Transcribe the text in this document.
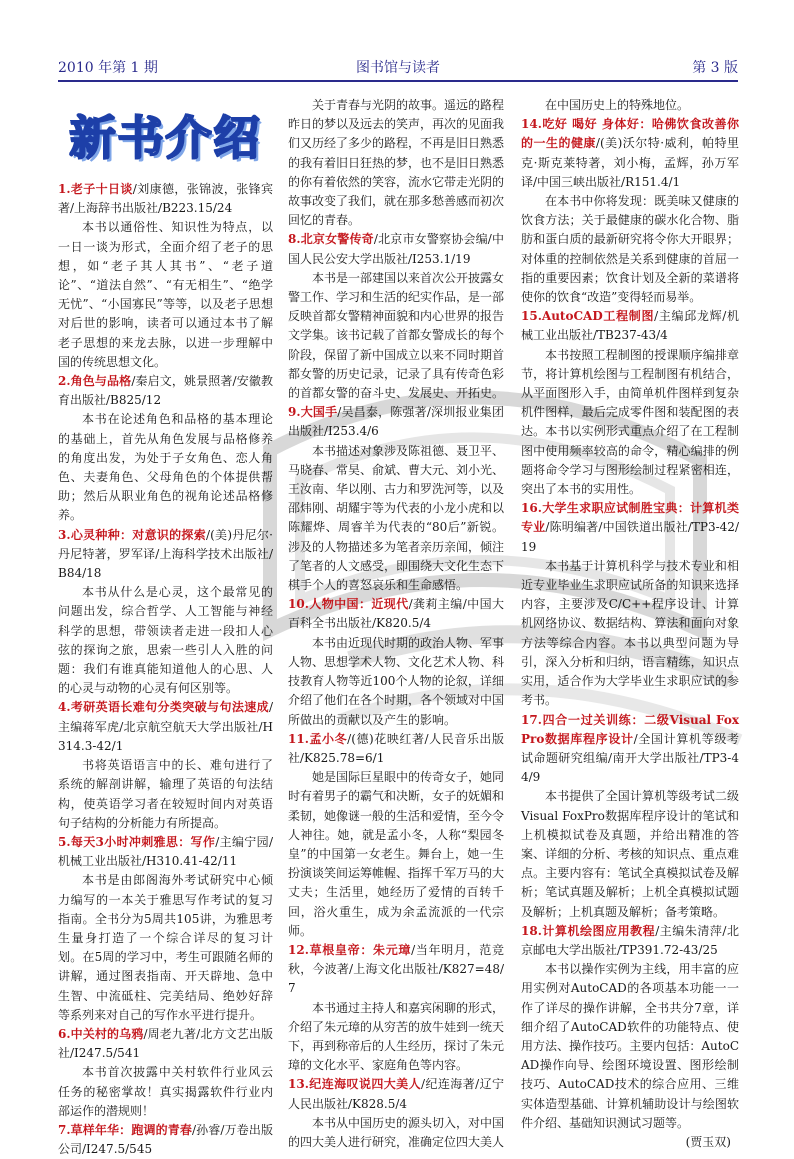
2010 年第 1 期	图书馆与读者	第 3 版
新书介绍

1.老子十日谈/刘康德，张锦波，张锋宾著/上海辞书出版社/B223.15/24

本书以通俗性、知识性为特点，以一日一谈为形式，全面介绍了老子的思想，如“老子其人其书”、“老子道论”、“道法自然”、“有无相生”、“绝学无忧”、“小国寡民”等等，以及老子思想对后世的影响，读者可以通过本书了解老子思想的来龙去脉，以进一步理解中国的传统思想文化。

2.角色与品格/秦启文，姚景照著/安徽教育出版社/B825/12

本书在论述角色和品格的基本理论的基础上，首先从角色发展与品格修养的角度出发，为处于子女角色、恋人角色、夫妻角色、父母角色的个体提供帮助；然后从职业角色的视角论述品格修养。

3.心灵种种：对意识的探索/(美)丹尼尔·丹尼特著，罗军译/上海科学技术出版社/B84/18

本书从什么是心灵，这个最常见的问题出发，综合哲学、人工智能与神经科学的思想，带领读者走进一段扣人心弦的探询之旅，思索一些引人入胜的问题：我们有谁真能知道他人的心思、人的心灵与动物的心灵有何区别等。

4.考研英语长难句分类突破与句法速成/主编蒋军虎/北京航空航天大学出版社/H314.3-42/1

书将英语语言中的长、难句进行了系统的解剖讲解，输理了英语的句法结构，使英语学习者在较短时间内对英语句子结构的分析能力有所提高。

5.每天3小时冲刺雅思：写作/主编宁园/机械工业出版社/H310.41-42/11

本书是由郎阁海外考试研究中心倾力编写的一本关于雅思写作考试的复习指南。全书分为5周共105讲，为雅思考生量身打造了一个综合详尽的复习计划。在5周的学习中，考生可跟随名师的讲解，通过图表指南、开天辟地、急中生智、中流砥柱、完美结局、绝妙好辞等系列来对自己的写作水平进行提升。

6.中关村的乌鸦/周老九著/北方文艺出版社/I247.5/541

本书首次披露中关村软件行业风云任务的秘密掌故！真实揭露软件行业内部运作的潜规则！

7.草样年华：跑调的青春/孙睿/万卷出版公司/I247.5/545

关于青春与光阴的故事。遥远的路程昨日的梦以及远去的笑声，再次的见面我们又历经了多少的路程，不再是旧日熟悉的我有着旧日狂热的梦，也不是旧日熟悉的你有着依然的笑容，流水它带走光阴的故事改变了我们，就在那多愁善感而初次回忆的青春。

8.北京女警传奇/北京市女警察协会编/中国人民公安大学出版社/I253.1/19

本书是一部建国以来首次公开披露女警工作、学习和生活的纪实作品，是一部反映首都女警精神面貌和内心世界的报告文学集。该书记载了首都女警成长的每个阶段，保留了新中国成立以来不同时期首都女警的历史记录，记录了具有传奇色彩的首都女警的奋斗史、发展史、开拓史。

9.大国手/吴昌泰，陈强著/深圳报业集团出版社/I253.4/6

本书描述对象涉及陈祖德、聂卫平、马晓春、常昊、俞斌、曹大元、刘小光、王汝南、华以刚、古力和罗洗河等，以及邵炜刚、胡耀宇等为代表的小龙小虎和以陈耀烨、周睿羊为代表的“80后”新锐。涉及的人物描述多为笔者亲历亲闻，倾注了笔者的人文感受，即围绕大文化生态下棋手个人的喜怒哀乐和生命感悟。

10.人物中国：近现代/龚莉主编/中国大百科全书出版社/K820.5/4

本书由近现代时期的政治人物、军事人物、思想学术人物、文化艺术人物、科技教育人物等近100个人物的论叙，详细介绍了他们在各个时期，各个领域对中国所做出的贡献以及产生的影响。

11.孟小冬/(德)花映红著/人民音乐出版社/K825.78=6/1

她是国际巨星眼中的传奇女子，她同时有着男子的霸气和决断，女子的妩媚和柔韧，她像谜一般的生活和爱情，至今令人神往。她，就是孟小冬，人称“梨园冬皇”的中国第一女老生。舞台上，她一生扮演谈笑间运筹帷幄、指挥千军万马的大丈夫；生活里，她经历了爱情的百转千回，浴火重生，成为余孟流派的一代宗师。

12.草根皇帝：朱元璋/当年明月，范竞秋，今波著/上海文化出版社/K827=48/7

本书通过主持人和嘉宾闲聊的形式，介绍了朱元璋的从穷苦的放牛娃到一统天下，再到称帝后的人生经历，探讨了朱元璋的文化水平、家庭角色等内容。

13.纪连海叹说四大美人/纪连海著/辽宁人民出版社/K828.5/4

本书从中国历史的源头切入，对中国的四大美人进行研究，准确定位四大美人

在中国历史上的特殊地位。

14.吃好 喝好 身体好：哈佛饮食改善你的一生的健康/(美)沃尔特·威利，帕特里克·斯克莱特著，刘小梅，孟辉，孙万军译/中国三峡出版社/R151.4/1

在本书中你将发现：既美味又健康的饮食方法；关于最健康的碳水化合物、脂肪和蛋白质的最新研究将令你大开眼界；对体重的控制依然是关系到健康的首屈一指的重要因素；饮食计划及全新的菜谱将使你的饮食“改造”变得轻而易举。

15.AutoCAD工程制图/主编邱龙辉/机械工业出版社/TB237-43/4

本书按照工程制图的授课顺序编排章节，将计算机绘图与工程制图有机结合，从平面图形入手，由简单机件图样到复杂机件图样，最后完成零件图和装配图的表达。本书以实例形式重点介绍了在工程制图中使用频率较高的命令，精心编排的例题将命令学习与图形绘制过程紧密相连，突出了本书的实用性。

16.大学生求职应试制胜宝典：计算机类专业/陈明编著/中国铁道出版社/TP3-42/19

本书基于计算机科学与技术专业和相近专业毕业生求职应试所备的知识来选择内容，主要涉及C/C++程序设计、计算机网络协议、数据结构、算法和面向对象方法等综合内容。本书以典型问题为导引，深入分析和归纳，语言精练，知识点实用，适合作为大学毕业生求职应试的参考书。

17.四合一过关训练：二级Visual FoxPro数据库程序设计/全国计算机等级考试命题研究组编/南开大学出版社/TP3-44/9

本书提供了全国计算机等级考试二级Visual FoxPro数据库程序设计的笔试和上机模拟试卷及真题，并给出精准的答案、详细的分析、考核的知识点、重点难点。主要内容有：笔试全真模拟试卷及解析；笔试真题及解析；上机全真模拟试题及解析；上机真题及解析；备考策略。

18.计算机绘图应用教程/主编朱清萍/北京邮电大学出版社/TP391.72-43/25

本书以操作实例为主线，用丰富的应用实例对AutoCAD的各项基本功能一一作了详尽的操作讲解，全书共分7章，详细介绍了AutoCAD软件的功能特点、使用方法、操作技巧。主要内包括：AutoCAD操作向导、绘图环境设置、图形绘制技巧、AutoCAD技术的综合应用、三维实体造型基础、计算机辅助设计与绘图软件介绍、基础知识测试习题等。

(贾玉双)
